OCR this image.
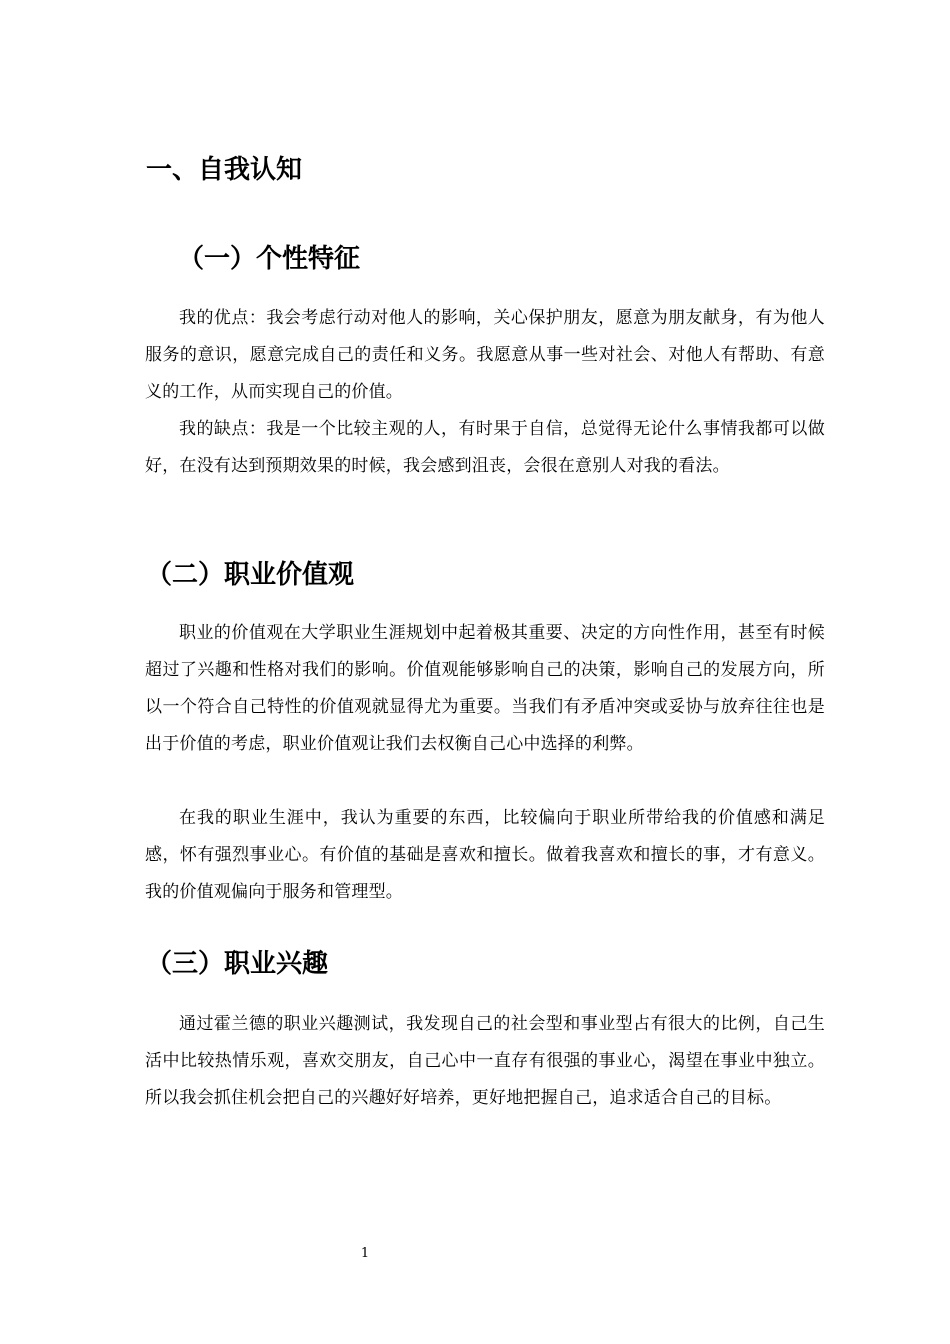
一、自我认知
（一）个性特征

我的优点：我会考虑行动对他人的影响，关心保护朋友，愿意为朋友献身，有为他人服务的意识，愿意完成自己的责任和义务。我愿意从事一些对社会、对他人有帮助、有意义的工作，从而实现自己的价值。

我的缺点：我是一个比较主观的人，有时果于自信，总觉得无论什么事情我都可以做好，在没有达到预期效果的时候，我会感到沮丧，会很在意别人对我的看法。

（二）职业价值观

职业的价值观在大学职业生涯规划中起着极其重要、决定的方向性作用，甚至有时候超过了兴趣和性格对我们的影响。价值观能够影响自己的决策，影响自己的发展方向，所以一个符合自己特性的价值观就显得尤为重要。当我们有矛盾冲突或妥协与放弃往往也是出于价值的考虑，职业价值观让我们去权衡自己心中选择的利弊。

在我的职业生涯中，我认为重要的东西，比较偏向于职业所带给我的价值感和满足感，怀有强烈事业心。有价值的基础是喜欢和擅长。做着我喜欢和擅长的事，才有意义。我的价值观偏向于服务和管理型。

（三）职业兴趣

通过霍兰德的职业兴趣测试，我发现自己的社会型和事业型占有很大的比例，自己生活中比较热情乐观，喜欢交朋友，自己心中一直存有很强的事业心，渴望在事业中独立。所以我会抓住机会把自己的兴趣好好培养，更好地把握自己，追求适合自己的目标。

1
